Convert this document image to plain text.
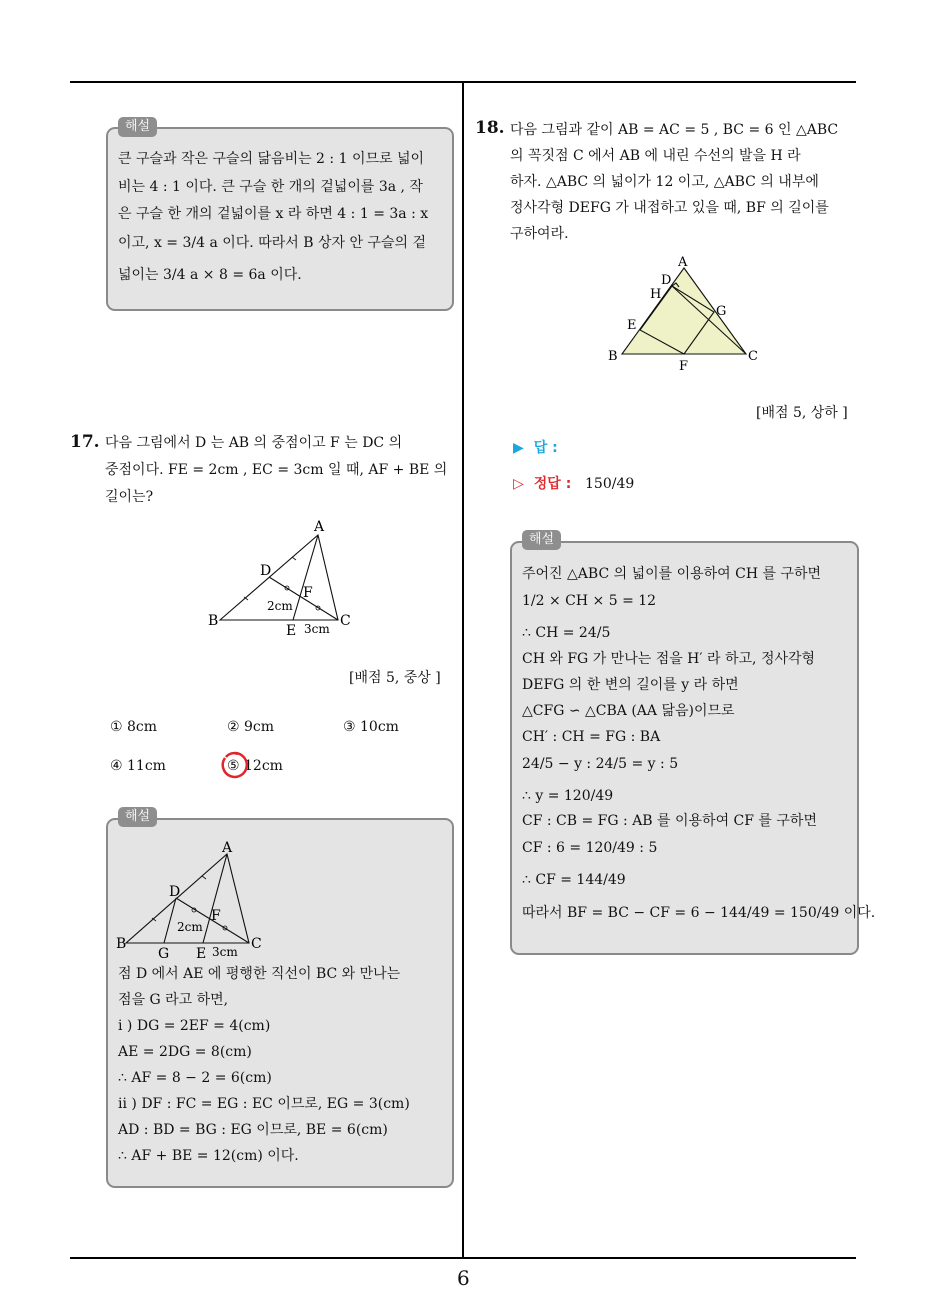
해설
큰 구슬과 작은 구슬의 닮음비는 2 : 1 이므로 넓이
비는 4 : 1 이다. 큰 구슬 한 개의 겉넓이를 3a , 작
은 구슬 한 개의 겉넓이를 x 라 하면 4 : 1 = 3a : x
이고, x = 3/4 a 이다. 따라서 B 상자 안 구슬의 겉
넓이는 3/4 a × 8 = 6a 이다.
17. 다음 그림에서 D 는 AB 의 중점이고 F 는 DC 의
중점이다. FE = 2cm , EC = 3cm 일 때, AF + BE 의
길이는?
A
B	C
D
E
F
2cm
3cm
[배점 5, 중상 ]
① 8cm	② 9cm	③ 10cm
④ 11cm	⑤ 12cm
해설
A
B	C
D
E
F
G
2cm
3cm
점 D 에서 AE 에 평행한 직선이 BC 와 만나는
점을 G 라고 하면,
i ) DG = 2EF = 4(cm)
AE = 2DG = 8(cm)
∴ AF = 8 − 2 = 6(cm)
ii ) DF : FC = EG : EC 이므로, EG = 3(cm)
AD : BD = BG : EG 이므로, BE = 6(cm)
∴ AF + BE = 12(cm) 이다.
18. 다음 그림과 같이 AB = AC = 5 , BC = 6 인 △ABC
의 꼭짓점 C 에서 AB 에 내린 수선의 발을 H 라
하자. △ABC 의 넓이가 12 이고, △ABC 의 내부에
정사각형 DEFG 가 내접하고 있을 때, BF 의 길이를
구하여라.
A
B	C
D
E
F
G
H
[배점 5, 상하 ]
▶ 답 :
▷ 정답 : 150/49
해설
주어진 △ABC 의 넓이를 이용하여 CH 를 구하면
1/2 × CH × 5 = 12
∴ CH = 24/5
CH 와 FG 가 만나는 점을 H′ 라 하고, 정사각형
DEFG 의 한 변의 길이를 y 라 하면
△CFG ∽ △CBA (AA 닮음)이므로
CH′ : CH = FG : BA
24/5 − y : 24/5 = y : 5
∴ y = 120/49
CF : CB = FG : AB 를 이용하여 CF 를 구하면
CF : 6 = 120/49 : 5
∴ CF = 144/49
따라서 BF = BC − CF = 6 − 144/49 = 150/49 이다.
6
